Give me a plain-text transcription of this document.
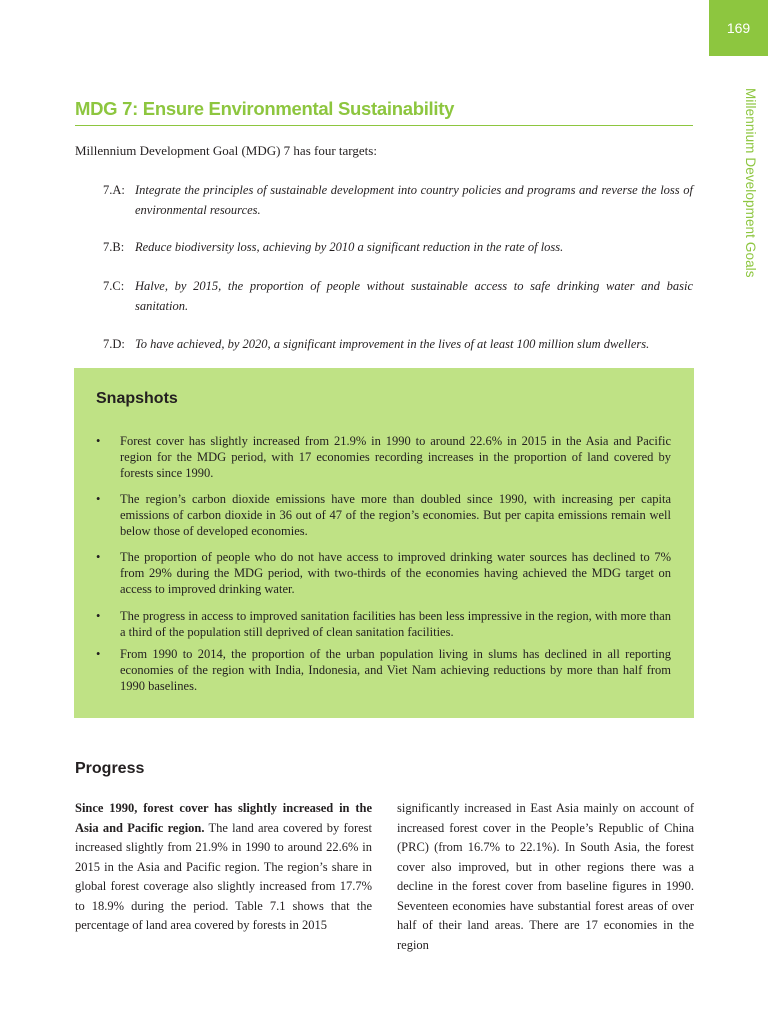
169
Millennium Development Goals
MDG 7: Ensure Environmental Sustainability

Millennium Development Goal (MDG) 7 has four targets:

7.A: Integrate the principles of sustainable development into country policies and programs and reverse the loss of environmental resources.
7.B: Reduce biodiversity loss, achieving by 2010 a significant reduction in the rate of loss.
7.C: Halve, by 2015, the proportion of people without sustainable access to safe drinking water and basic sanitation.
7.D: To have achieved, by 2020, a significant improvement in the lives of at least 100 million slum dwellers.
Snapshots
•	Forest cover has slightly increased from 21.9% in 1990 to around 22.6% in 2015 in the Asia and Pacific region for the MDG period, with 17 economies recording increases in the proportion of land covered by forests since 1990.
•	The region’s carbon dioxide emissions have more than doubled since 1990, with increasing per capita emissions of carbon dioxide in 36 out of 47 of the region’s economies. But per capita emissions remain well below those of developed economies.
•	The proportion of people who do not have access to improved drinking water sources has declined to 7% from 29% during the MDG period, with two-thirds of the economies having achieved the MDG target on access to improved drinking water.
•	The progress in access to improved sanitation facilities has been less impressive in the region, with more than a third of the population still deprived of clean sanitation facilities.
•	From 1990 to 2014, the proportion of the urban population living in slums has declined in all reporting economies of the region with India, Indonesia, and Viet Nam achieving reductions by more than half from 1990 baselines.
Progress

Since 1990, forest cover has slightly increased in the Asia and Pacific region. The land area covered by forest increased slightly from 21.9% in 1990 to around 22.6% in 2015 in the Asia and Pacific region. The region’s share in global forest coverage also slightly increased from 17.7% to 18.9% during the period. Table 7.1 shows that the percentage of land area covered by forests in 2015

significantly increased in East Asia mainly on account of increased forest cover in the People’s Republic of China (PRC) (from 16.7% to 22.1%). In South Asia, the forest cover also improved, but in other regions there was a decline in the forest cover from baseline figures in 1990. Seventeen economies have substantial forest areas of over half of their land areas. There are 17 economies in the region
